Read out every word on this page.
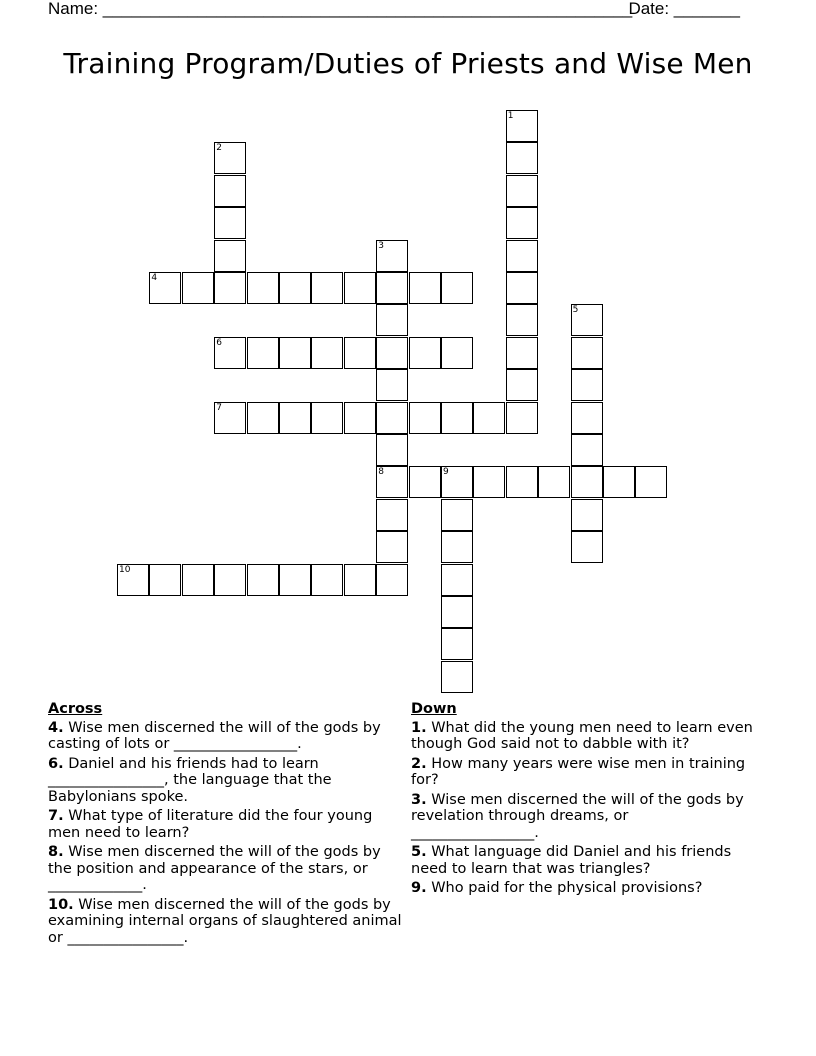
Name: ________________________________________________________
Date: _______
Training Program/Duties of Priests and Wise Men
1
2
3
8
4
5
6
7
9
10
Across
4. Wise men discerned the will of the gods by casting of lots or _________________.
6. Daniel and his friends had to learn ________________, the language that the Babylonians spoke.
7. What type of literature did the four young men need to learn?
8. Wise men discerned the will of the gods by the position and appearance of the stars, or _____________.
10. Wise men discerned the will of the gods by examining internal organs of slaughtered animal or ________________.
Down
1. What did the young men need to learn even though God said not to dabble with it?
2. How many years were wise men in training for?
3. Wise men discerned the will of the gods by revelation through dreams, or _________________.
5. What language did Daniel and his friends need to learn that was triangles?
9. Who paid for the physical provisions?
